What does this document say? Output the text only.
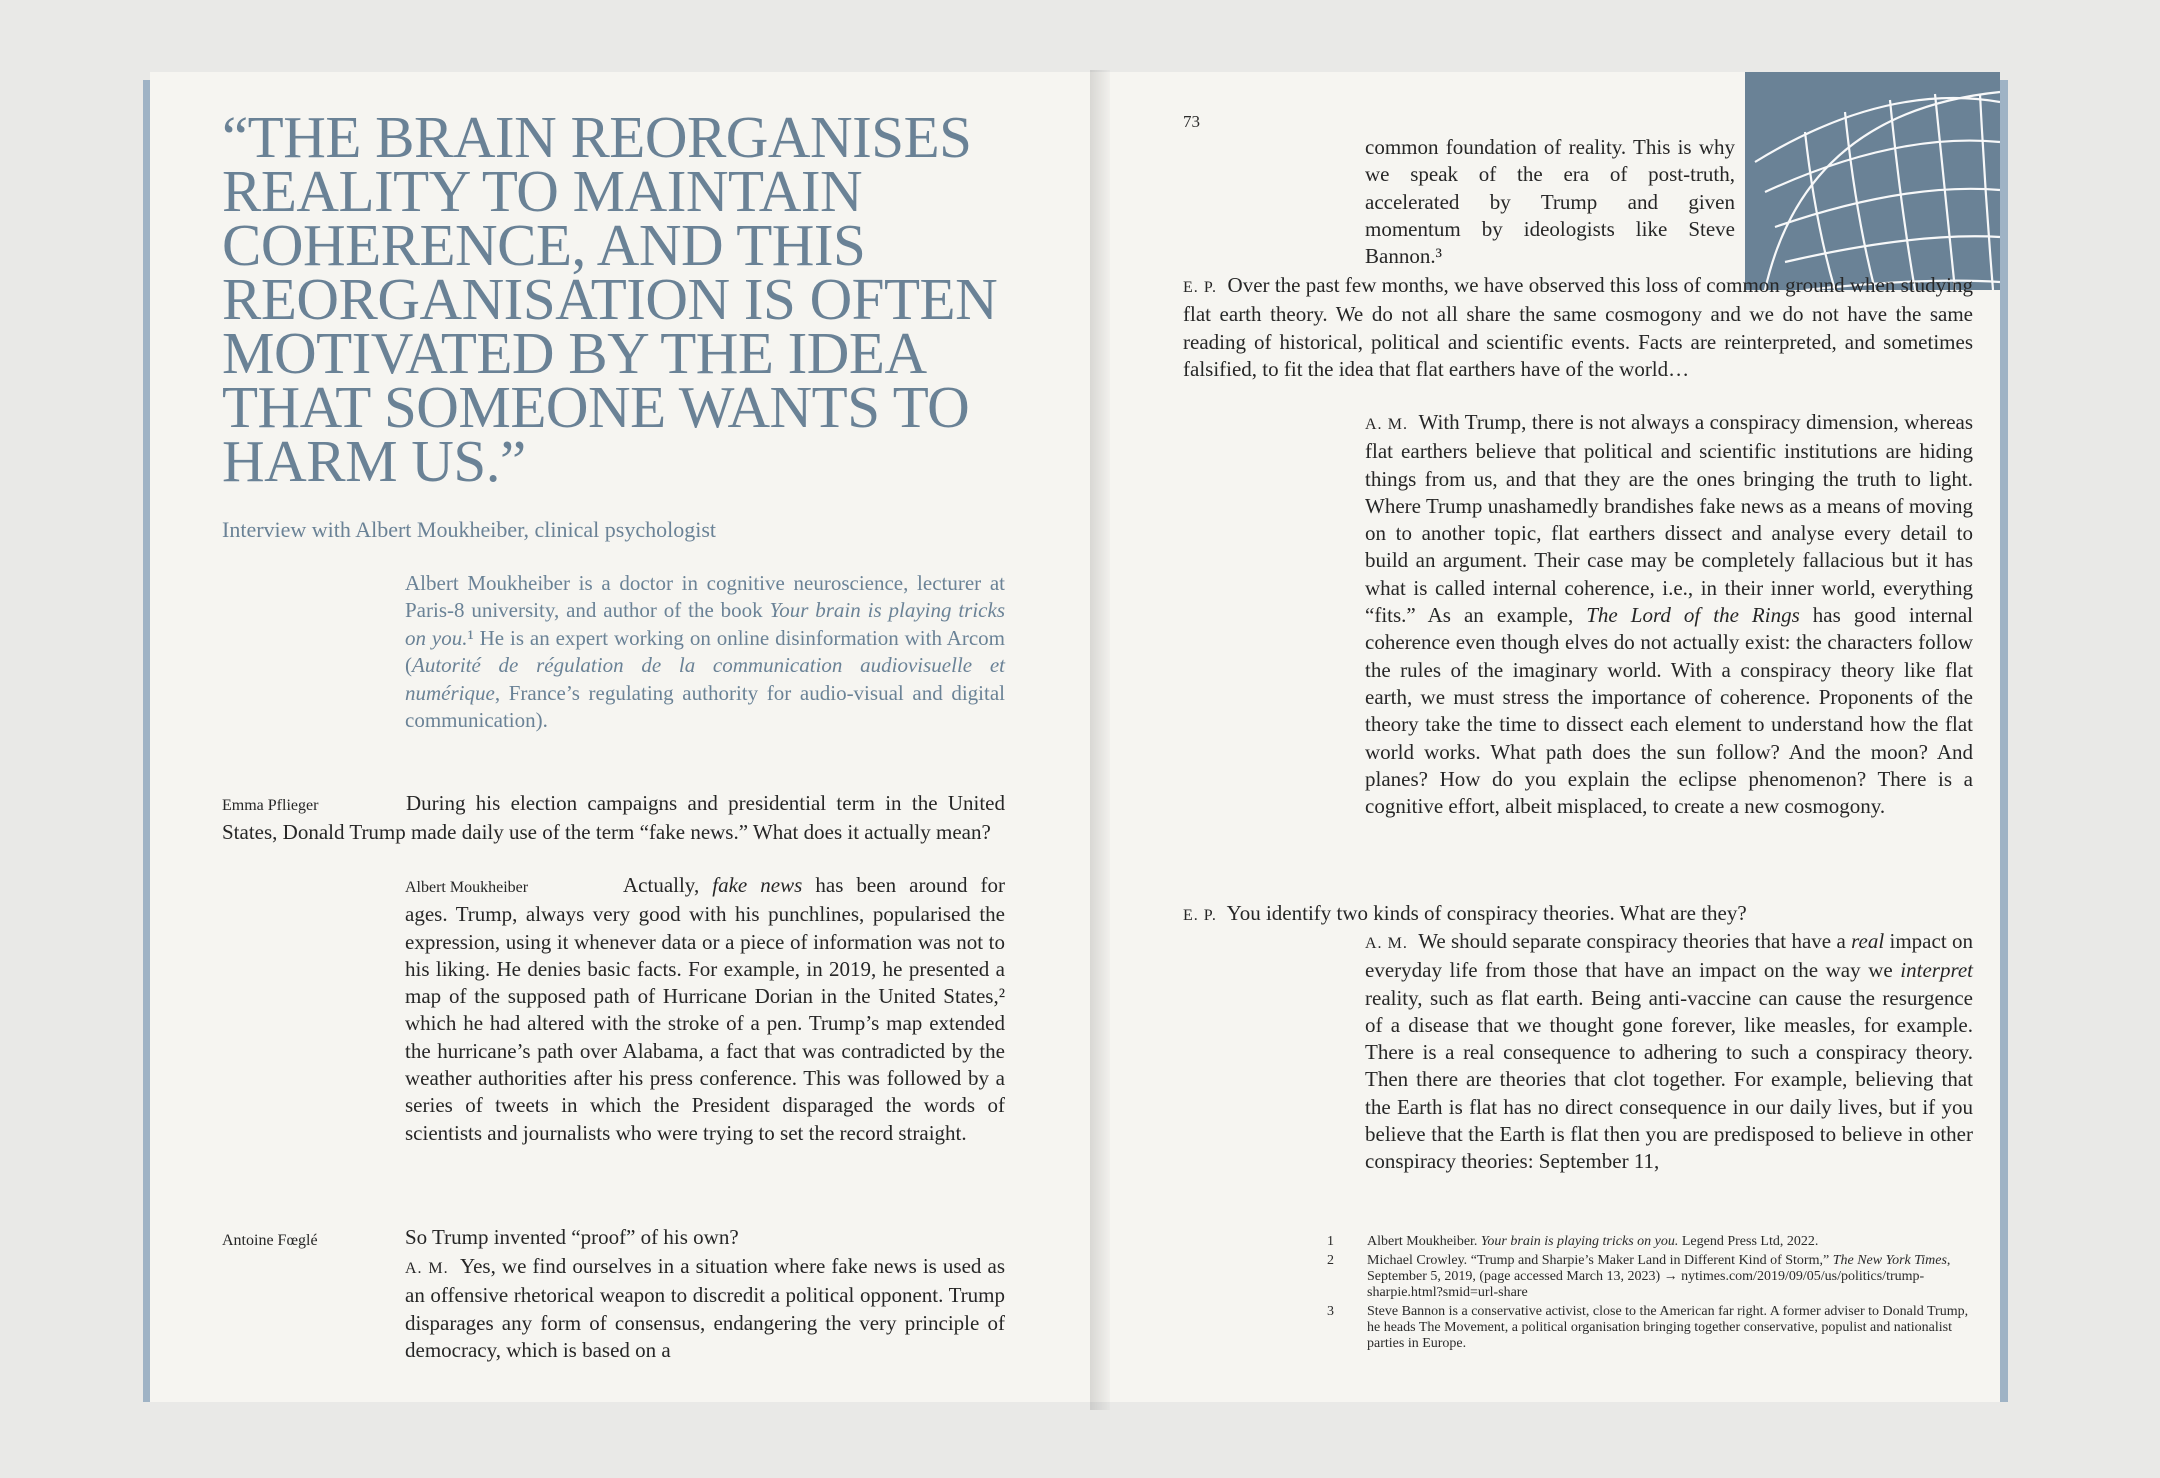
“THE BRAIN REORGANISES REALITY TO MAINTAIN COHERENCE, AND THIS REORGANISATION IS OFTEN MOTIVATED BY THE IDEA THAT SOMEONE WANTS TO HARM US.”
Interview with Albert Moukheiber, clinical psychologist
Albert Moukheiber is a doctor in cognitive neuroscience, lecturer at Paris-8 university, and author of the book Your brain is playing tricks on you.¹ He is an expert working on online disinformation with Arcom (Autorité de régulation de la communication audiovisuelle et numérique, France’s regulating authority for audio-visual and digital communication).
Emma Pflieger	During his election campaigns and presidential term in the United States, Donald Trump made daily use of the term “fake news.” What does it actually mean?
Albert Moukheiber	Actually, fake news has been around for ages. Trump, always very good with his punchlines, popularised the expression, using it whenever data or a piece of information was not to his liking. He denies basic facts. For example, in 2019, he presented a map of the supposed path of Hurricane Dorian in the United States,² which he had altered with the stroke of a pen. Trump’s map extended the hurricane’s path over Alabama, a fact that was contradicted by the weather authorities after his press conference. This was followed by a series of tweets in which the President disparaged the words of scientists and journalists who were trying to set the record straight.
Antoine Fœglé	So Trump invented “proof” of his own?
A. M. Yes, we find ourselves in a situation where fake news is used as an offensive rhetorical weapon to discredit a political opponent. Trump disparages any form of consensus, endangering the very principle of democracy, which is based on a
73
common foundation of reality. This is why we speak of the era of post-truth, accelerated by Trump and given momentum by ideologists like Steve Bannon.³
E. P. Over the past few months, we have observed this loss of common ground when studying flat earth theory. We do not all share the same cosmogony and we do not have the same reading of historical, political and scientific events. Facts are reinterpreted, and sometimes falsified, to fit the idea that flat earthers have of the world…
A. M. With Trump, there is not always a conspiracy dimension, whereas flat earthers believe that political and scientific institutions are hiding things from us, and that they are the ones bringing the truth to light. Where Trump unashamedly brandishes fake news as a means of moving on to another topic, flat earthers dissect and analyse every detail to build an argument. Their case may be completely fallacious but it has what is called internal coherence, i.e., in their inner world, everything “fits.” As an example, The Lord of the Rings has good internal coherence even though elves do not actually exist: the characters follow the rules of the imaginary world. With a conspiracy theory like flat earth, we must stress the importance of coherence. Proponents of the theory take the time to dissect each element to understand how the flat world works. What path does the sun follow? And the moon? And planes? How do you explain the eclipse phenomenon? There is a cognitive effort, albeit misplaced, to create a new cosmogony.
E. P. You identify two kinds of conspiracy theories. What are they?
A. M. We should separate conspiracy theories that have a real impact on everyday life from those that have an impact on the way we interpret reality, such as flat earth. Being anti-vaccine can cause the resurgence of a disease that we thought gone forever, like measles, for example. There is a real consequence to adhering to such a conspiracy theory. Then there are theories that clot together. For example, believing that the Earth is flat has no direct consequence in our daily lives, but if you believe that the Earth is flat then you are predisposed to believe in other conspiracy theories: September 11,
1	Albert Moukheiber. Your brain is playing tricks on you. Legend Press Ltd, 2022.
2	Michael Crowley. “Trump and Sharpie’s Maker Land in Different Kind of Storm,” The New York Times, September 5, 2019, (page accessed March 13, 2023) → nytimes.com/2019/09/05/us/politics/trump-sharpie.html?smid=url-share
3	Steve Bannon is a conservative activist, close to the American far right. A former adviser to Donald Trump, he heads The Movement, a political organisation bringing together conservative, populist and nationalist parties in Europe.
